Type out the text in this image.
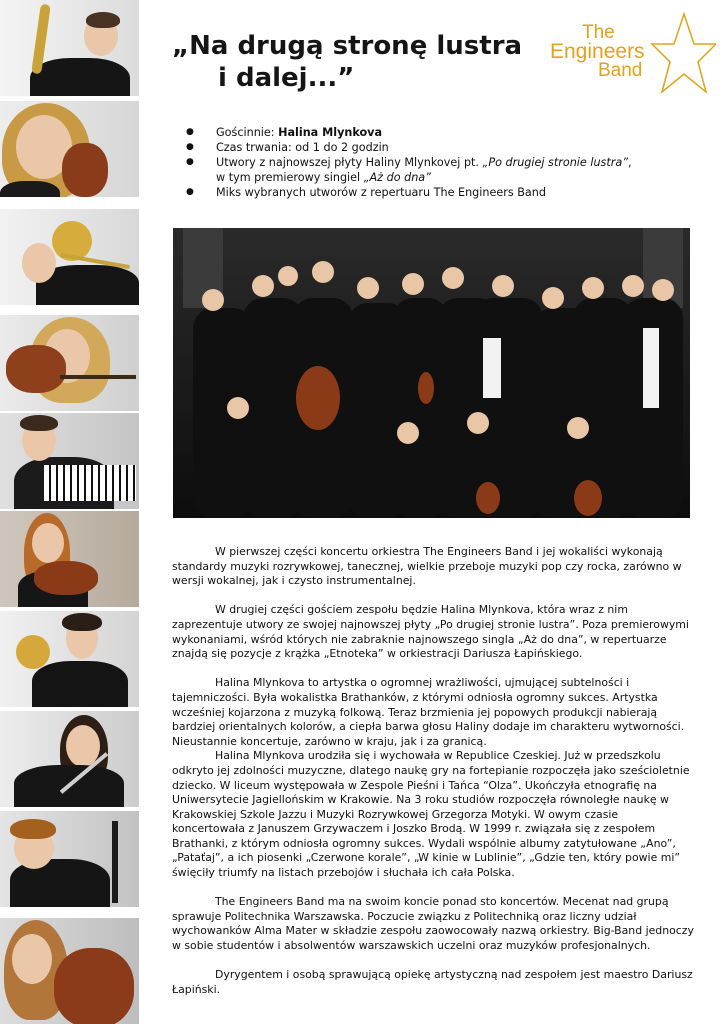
„Na drugą stronę lustra
i dalej...”
The
Engineers
Band
● Gościnnie: Halina Mlynkova
● Czas trwania: od 1 do 2 godzin
● Utwory z najnowszej płyty Haliny Mlynkovej pt. „Po drugiej stronie lustra”,
w tym premierowy singiel „Aż do dna”
● Miks wybranych utworów z repertuaru The Engineers Band

W pierwszej części koncertu orkiestra The Engineers Band i jej wokaliści wykonają standardy muzyki rozrywkowej, tanecznej, wielkie przeboje muzyki pop czy rocka, zarówno w wersji wokalnej, jak i czysto instrumentalnej.

W drugiej części gościem zespołu będzie Halina Mlynkova, która wraz z nim zaprezentuje utwory ze swojej najnowszej płyty „Po drugiej stronie lustra”. Poza premierowymi wykonaniami, wśród których nie zabraknie najnowszego singla „Aż do dna”, w repertuarze znajdą się pozycje z krążka „Etnoteka” w orkiestracji Dariusza Łapińskiego.

Halina Mlynkova to artystka o ogromnej wrażliwości, ujmującej subtelności i tajemniczości. Była wokalistka Brathanków, z którymi odniosła ogromny sukces. Artystka wcześniej kojarzona z muzyką folkową. Teraz brzmienia jej popowych produkcji nabierają bardziej orientalnych kolorów, a ciepła barwa głosu Haliny dodaje im charakteru wytworności. Nieustannie koncertuje, zarówno w kraju, jak i za granicą.

Halina Mlynkova urodziła się i wychowała w Republice Czeskiej. Już w przedszkolu odkryto jej zdolności muzyczne, dlatego naukę gry na fortepianie rozpoczęła jako sześcioletnie dziecko. W liceum występowała w Zespole Pieśni i Tańca “Olza”. Ukończyła etnografię na Uniwersytecie Jagiellońskim w Krakowie. Na 3 roku studiów rozpoczęła równoległe naukę w Krakowskiej Szkole Jazzu i Muzyki Rozrywkowej Grzegorza Motyki. W owym czasie koncertowała z Januszem Grzywaczem i Joszko Brodą. W 1999 r. związała się z zespołem Brathanki, z którym odniosła ogromny sukces. Wydali wspólnie albumy zatytułowane „Ano”, „Pataťaj”, a ich piosenki „Czerwone korale”, „W kinie w Lublinie”, „Gdzie ten, który powie mi” święciły triumfy na listach przebojów i słuchała ich cała Polska.

The Engineers Band ma na swoim koncie ponad sto koncertów. Mecenat nad grupą sprawuje Politechnika Warszawska. Poczucie związku z Politechniką oraz liczny udział wychowanków Alma Mater w składzie zespołu zaowocowały nazwą orkiestry. Big-Band jednoczy w sobie studentów i absolwentów warszawskich uczelni oraz muzyków profesjonalnych.

Dyrygentem i osobą sprawującą opiekę artystyczną nad zespołem jest maestro Dariusz Łapiński.
